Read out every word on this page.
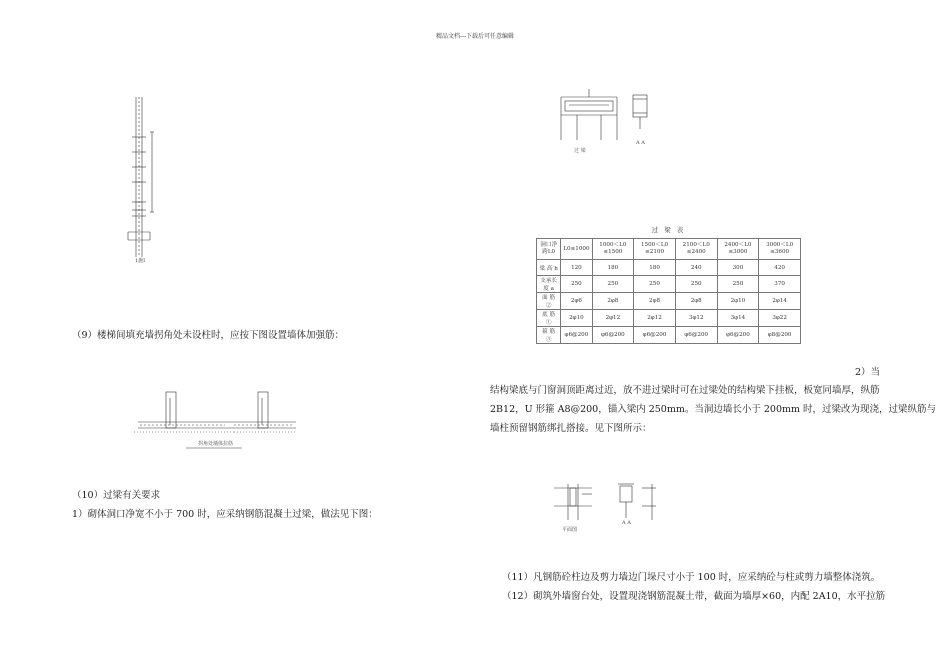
精品文档---下载后可任意编辑
1施I
（9）楼梯间填充墙拐角处未设柱时，应按下图设置墙体加强筋：
拐角处墙体拉筋
（10）过梁有关要求
1）砌体洞口净宽不小于 700 时，应采纳钢筋混凝土过梁，做法见下图：
过 梁
A A
过 梁 表
洞口净跨L0	L0≤1000	1000＜L0 ≤1500	1500＜L0 ≤2100	2100＜L0 ≤2400	2400＜L0 ≤3000	3000＜L0 ≤3600
梁 高 h	120	180	180	240	300	420
支承长度 a	250	250	250	250	250	370
面 筋 ②	2φ6	2φ8	2φ8	2φ8	2φ10	2φ14
底 筋 ①	2φ10	2φ12	2φ12	3φ12	3φ14	3φ22
箍 筋 ③	φ6@200	φ6@200	φ6@200	φ6@200	φ6@200	φ8@200
2）当
结构梁底与门窗洞顶距离过近，放不进过梁时可在过梁处的结构梁下挂板，板宽同墙厚，纵筋
2B12，U 形箍 A8@200，锚入梁内 250mm。当洞边墙长小于 200mm 时，过梁改为现浇，过梁纵筋与
墙柱预留钢筋绑扎搭接。见下图所示：
平面图
A A
（11）凡钢筋砼柱边及剪力墙边门垛尺寸小于 100 时，应采纳砼与柱或剪力墙整体浇筑。
（12）砌筑外墙窗台处，设置现浇钢筋混凝土带，截面为墙厚×60，内配 2A10，水平拉筋
